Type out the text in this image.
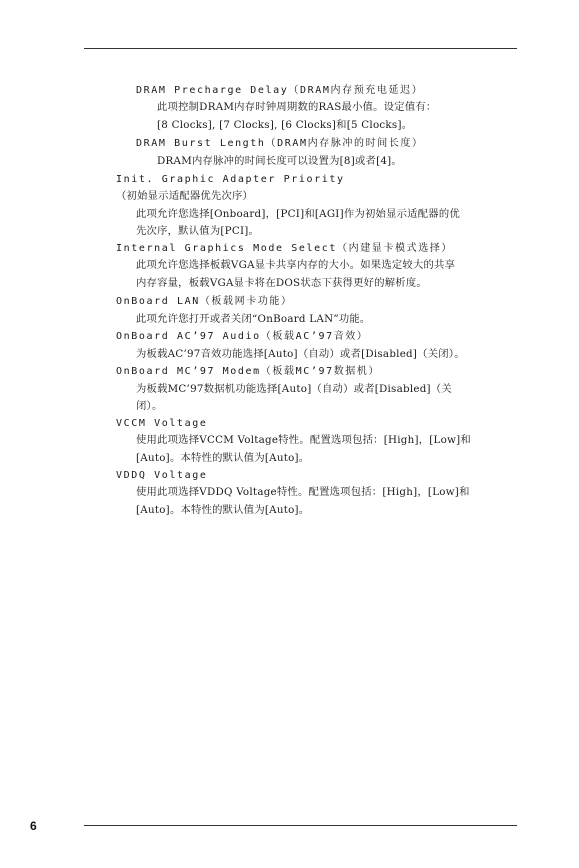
DRAM Precharge Delay（DRAM内存预充电延迟）
此项控制DRAM内存时钟周期数的RAS最小值。设定值有：
[8 Clocks], [7 Clocks], [6 Clocks]和[5 Clocks]。
DRAM Burst Length（DRAM内存脉冲的时间长度）
DRAM内存脉冲的时间长度可以设置为[8]或者[4]。
Init. Graphic Adapter Priority
（初始显示适配器优先次序）
此项允许您选择[Onboard]，[PCI]和[AGI]作为初始显示适配器的优
先次序，默认值为[PCI]。
Internal Graphics Mode Select（内建显卡模式选择）
此项允许您选择板载VGA显卡共享内存的大小。如果选定较大的共享
内存容量，板载VGA显卡将在DOS状态下获得更好的解析度。
OnBoard LAN（板载网卡功能）
此项允许您打开或者关闭“OnBoard LAN”功能。
OnBoard AC’97 Audio（板载AC’97音效）
为板载AC’97音效功能选择[Auto]（自动）或者[Disabled]（关闭）。
OnBoard MC’97 Modem（板载MC’97数据机）
为板载MC’97数据机功能选择[Auto]（自动）或者[Disabled]（关
闭）。
VCCM Voltage
使用此项选择VCCM Voltage特性。配置选项包括：[High]，[Low]和
[Auto]。本特性的默认值为[Auto]。
VDDQ Voltage
使用此项选择VDDQ Voltage特性。配置选项包括：[High]，[Low]和
[Auto]。本特性的默认值为[Auto]。
6
